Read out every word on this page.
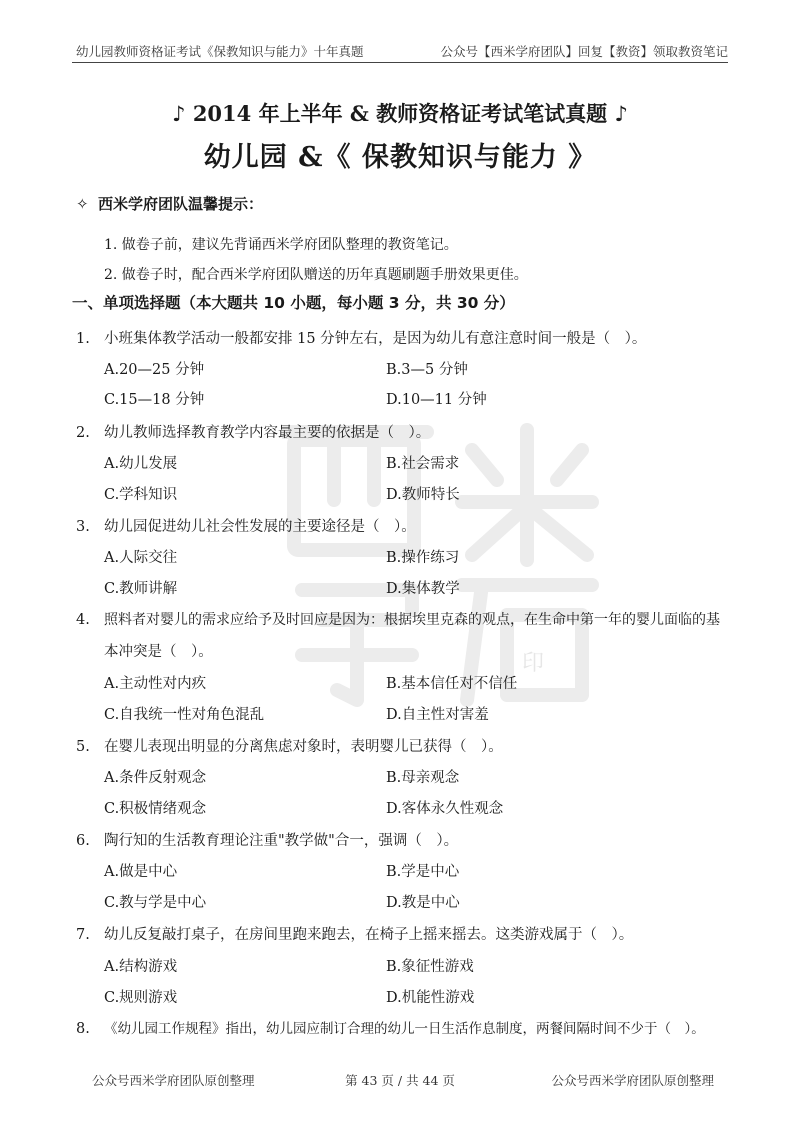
幼儿园教师资格证考试《保教知识与能力》十年真题	公众号【西米学府团队】回复【教资】领取教资笔记
印
♪ 2014 年上半年 & 教师资格证考试笔试真题 ♪
幼儿园 &《 保教知识与能力 》
✧ 西米学府团队温馨提示：
1. 做卷子前，建议先背诵西米学府团队整理的教资笔记。
2. 做卷子时，配合西米学府团队赠送的历年真题刷题手册效果更佳。
一、单项选择题（本大题共 10 小题，每小题 3 分，共 30 分）
1. 小班集体教学活动一般都安排 15 分钟左右，是因为幼儿有意注意时间一般是（　）。
A.20—25 分钟	B.3—5 分钟
C.15—18 分钟	D.10—11 分钟
2. 幼儿教师选择教育教学内容最主要的依据是（　）。
A.幼儿发展	B.社会需求
C.学科知识	D.教师特长
3. 幼儿园促进幼儿社会性发展的主要途径是（　）。
A.人际交往	B.操作练习
C.教师讲解	D.集体教学
4. 照料者对婴儿的需求应给予及时回应是因为：根据埃里克森的观点，在生命中第一年的婴儿面临的基
本冲突是（　）。
A.主动性对内疚	B.基本信任对不信任
C.自我统一性对角色混乱	D.自主性对害羞
5. 在婴儿表现出明显的分离焦虑对象时，表明婴儿已获得（　）。
A.条件反射观念	B.母亲观念
C.积极情绪观念	D.客体永久性观念
6. 陶行知的生活教育理论注重"教学做"合一，强调（　）。
A.做是中心	B.学是中心
C.教与学是中心	D.教是中心
7. 幼儿反复敲打桌子，在房间里跑来跑去，在椅子上摇来摇去。这类游戏属于（　）。
A.结构游戏	B.象征性游戏
C.规则游戏	D.机能性游戏
8. 《幼儿园工作规程》指出，幼儿园应制订合理的幼儿一日生活作息制度，两餐间隔时间不少于（　）。
公众号西米学府团队原创整理	第 43 页 / 共 44 页	公众号西米学府团队原创整理
